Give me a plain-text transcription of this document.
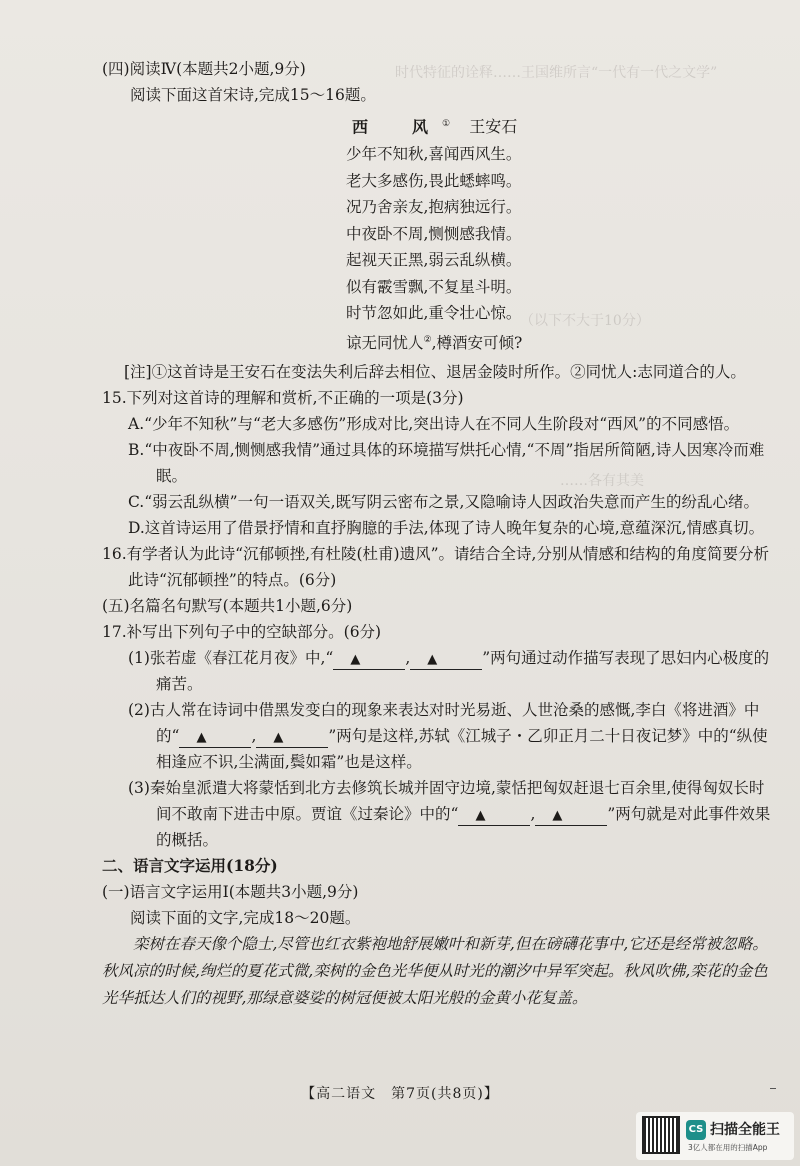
时代特征的诠释……王国维所言“一代有一代之文学”
（以下不大于10分）
……各有其美

(四)阅读Ⅳ(本题共2小题,9分)

阅读下面这首宋诗,完成15～16题。

西　风① 王安石
少年不知秋,喜闻西风生。
老大多感伤,畏此蟋蟀鸣。
况乃舍亲友,抱病独远行。
中夜卧不周,恻恻感我情。
起视天正黑,弱云乱纵横。
似有霰雪飘,不复星斗明。
时节忽如此,重令壮心惊。
谅无同忧人②,樽酒安可倾?

[注]①这首诗是王安石在变法失利后辞去相位、退居金陵时所作。②同忧人:志同道合的人。

15.下列对这首诗的理解和赏析,不正确的一项是(3分)

A.“少年不知秋”与“老大多感伤”形成对比,突出诗人在不同人生阶段对“西风”的不同感悟。

B.“中夜卧不周,恻恻感我情”通过具体的环境描写烘托心情,“不周”指居所简陋,诗人因寒冷而难眠。

C.“弱云乱纵横”一句一语双关,既写阴云密布之景,又隐喻诗人因政治失意而产生的纷乱心绪。

D.这首诗运用了借景抒情和直抒胸臆的手法,体现了诗人晚年复杂的心境,意蕴深沉,情感真切。

16.有学者认为此诗“沉郁顿挫,有杜陵(杜甫)遗风”。请结合全诗,分别从情感和结构的角度简要分析此诗“沉郁顿挫”的特点。(6分)

(五)名篇名句默写(本题共1小题,6分)

17.补写出下列句子中的空缺部分。(6分)

(1)张若虚《春江花月夜》中,“ ▲	, ▲	”两句通过动作描写表现了思妇内心极度的痛苦。

(2)古人常在诗词中借黑发变白的现象来表达对时光易逝、人世沧桑的感慨,李白《将进酒》中的“ ▲	, ▲	”两句是这样,苏轼《江城子・乙卯正月二十日夜记梦》中的“纵使相逢应不识,尘满面,鬓如霜”也是这样。

(3)秦始皇派遣大将蒙恬到北方去修筑长城并固守边境,蒙恬把匈奴赶退七百余里,使得匈奴长时间不敢南下进击中原。贾谊《过秦论》中的“ ▲	, ▲	”两句就是对此事件效果的概括。

二、语言文字运用(18分)

(一)语言文字运用Ⅰ(本题共3小题,9分)

阅读下面的文字,完成18～20题。

栾树在春天像个隐士,尽管也红衣紫袍地舒展嫩叶和新芽,但在磅礴花事中,它还是经常被忽略。秋风凉的时候,绚烂的夏花式微,栾树的金色光华便从时光的潮汐中异军突起。秋风吹佛,栾花的金色光华抵达人们的视野,那绿意婆娑的树冠便被太阳光般的金黄小花复盖。

【高二语文　第7页(共8页)】
CS 扫描全能王
3亿人都在用的扫描App
